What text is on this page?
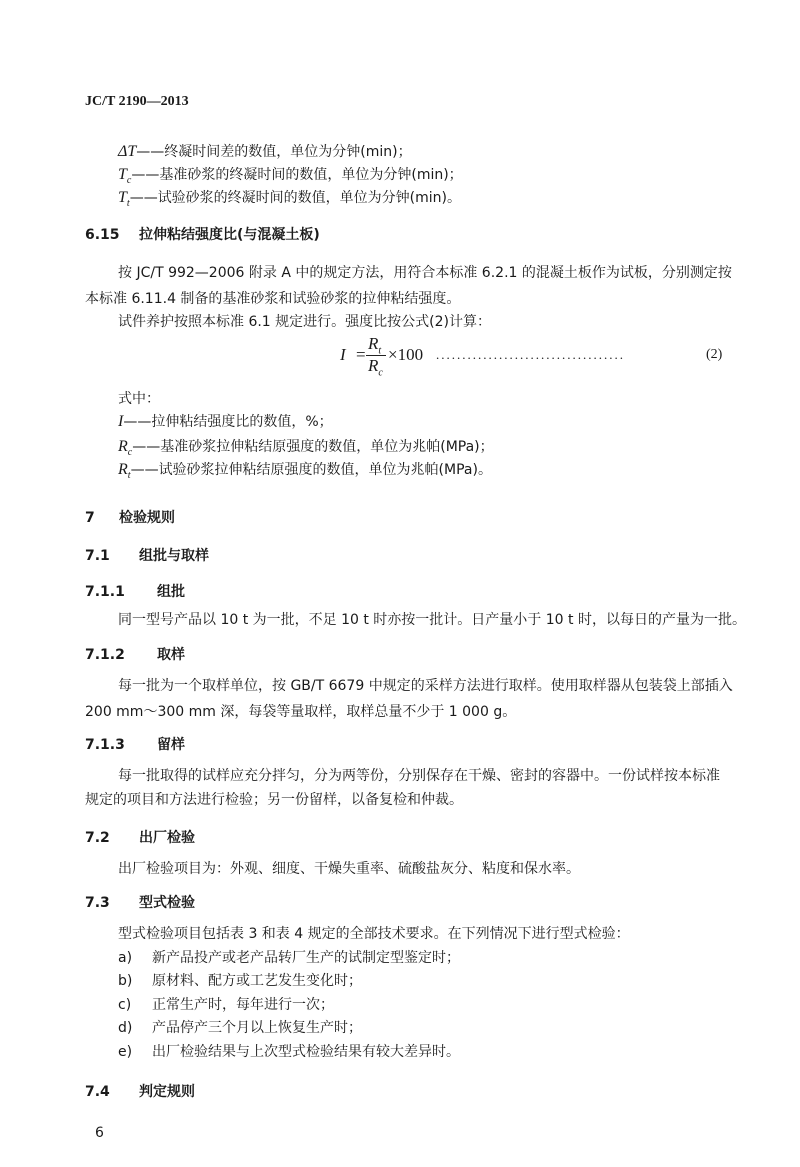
JC/T 2190—2013
ΔT——终凝时间差的数值，单位为分钟(min)；
$T_c——$基准砂浆的终凝时间的数值，单位为分钟(min)；
$T_t——$试验砂浆的终凝时间的数值，单位为分钟(min)。
6.15 拉伸粘结强度比(与混凝土板)
按 JC/T 992—2006 附录 A 中的规定方法，用符合本标准 6.2.1 的混凝土板作为试板，分别测定按
本标准 6.11.4 制备的基准砂浆和试验砂浆的拉伸粘结强度。
试件养护按照本标准 6.1 规定进行。强度比按公式(2)计算：
I =
$R_t$
$R_c$
×100 ....................................	(2)
式中：
I——拉伸粘结强度比的数值，%；
$R_c——$基准砂浆拉伸粘结原强度的数值，单位为兆帕(MPa)；
$R_t——$试验砂浆拉伸粘结原强度的数值，单位为兆帕(MPa)。
7 检验规则
7.1 组批与取样
7.1.1 组批
同一型号产品以 10 t 为一批，不足 10 t 时亦按一批计。日产量小于 10 t 时，以每日的产量为一批。
7.1.2 取样
每一批为一个取样单位，按 GB/T 6679 中规定的采样方法进行取样。使用取样器从包装袋上部插入
200 mm～300 mm 深，每袋等量取样，取样总量不少于 1 000 g。
7.1.3 留样
每一批取得的试样应充分拌匀，分为两等份，分别保存在干燥、密封的容器中。一份试样按本标准
规定的项目和方法进行检验；另一份留样，以备复检和仲裁。
7.2 出厂检验
出厂检验项目为：外观、细度、干燥失重率、硫酸盐灰分、粘度和保水率。
7.3 型式检验
型式检验项目包括表 3 和表 4 规定的全部技术要求。在下列情况下进行型式检验：
a) 新产品投产或老产品转厂生产的试制定型鉴定时；
b) 原材料、配方或工艺发生变化时；
c) 正常生产时，每年进行一次；
d) 产品停产三个月以上恢复生产时；
e) 出厂检验结果与上次型式检验结果有较大差异时。
7.4 判定规则
6
